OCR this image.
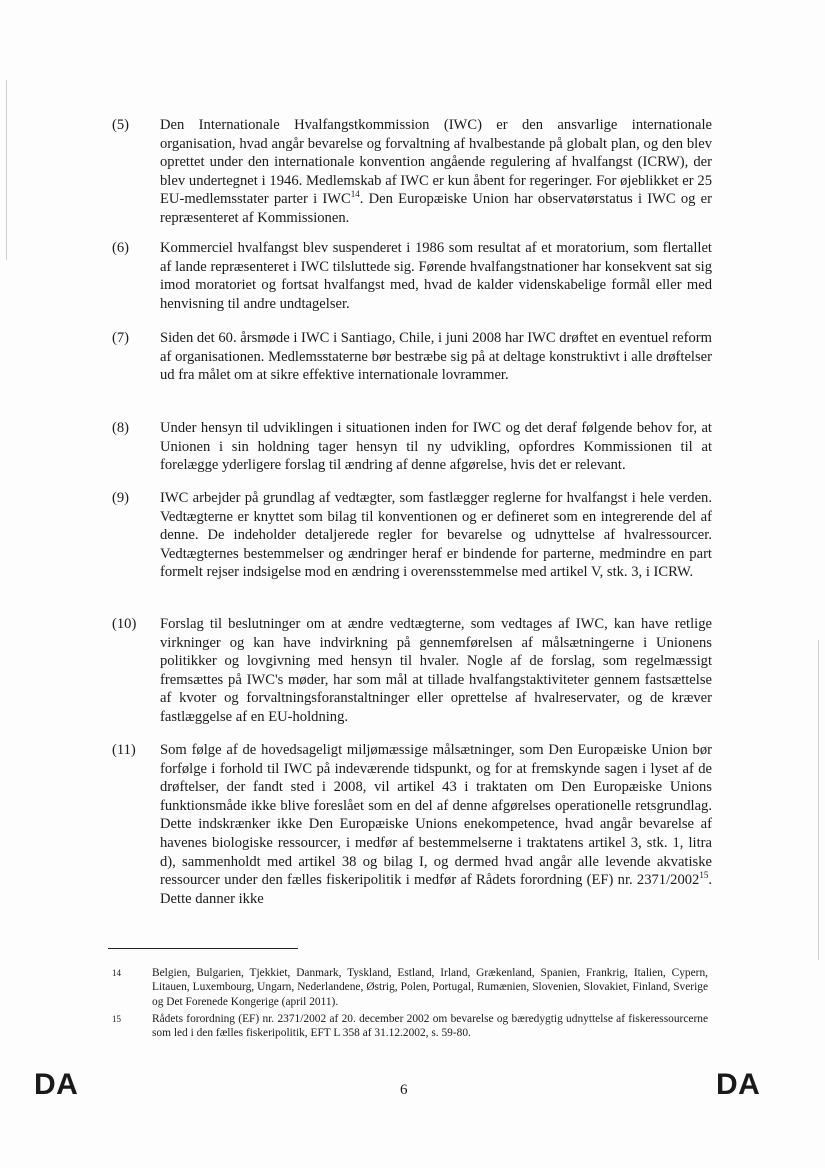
(5)	Den Internationale Hvalfangstkommission (IWC) er den ansvarlige internationale organisation, hvad angår bevarelse og forvaltning af hvalbestande på globalt plan, og den blev oprettet under den internationale konvention angående regulering af hvalfangst (ICRW), der blev undertegnet i 1946. Medlemskab af IWC er kun åbent for regeringer. For øjeblikket er 25 EU-medlemsstater parter i IWC$^{14}$. Den Europæiske Union har observatørstatus i IWC og er repræsenteret af Kommissionen.
(6)	Kommerciel hvalfangst blev suspenderet i 1986 som resultat af et moratorium, som flertallet af lande repræsenteret i IWC tilsluttede sig. Førende hvalfangstnationer har konsekvent sat sig imod moratoriet og fortsat hvalfangst med, hvad de kalder videnskabelige formål eller med henvisning til andre undtagelser.
(7)	Siden det 60. årsmøde i IWC i Santiago, Chile, i juni 2008 har IWC drøftet en eventuel reform af organisationen. Medlemsstaterne bør bestræbe sig på at deltage konstruktivt i alle drøftelser ud fra målet om at sikre effektive internationale lovrammer.
(8)	Under hensyn til udviklingen i situationen inden for IWC og det deraf følgende behov for, at Unionen i sin holdning tager hensyn til ny udvikling, opfordres Kommissionen til at forelægge yderligere forslag til ændring af denne afgørelse, hvis det er relevant.
(9)	IWC arbejder på grundlag af vedtægter, som fastlægger reglerne for hvalfangst i hele verden. Vedtægterne er knyttet som bilag til konventionen og er defineret som en integrerende del af denne. De indeholder detaljerede regler for bevarelse og udnyttelse af hvalressourcer. Vedtægternes bestemmelser og ændringer heraf er bindende for parterne, medmindre en part formelt rejser indsigelse mod en ændring i overensstemmelse med artikel V, stk. 3, i ICRW.
(10)	Forslag til beslutninger om at ændre vedtægterne, som vedtages af IWC, kan have retlige virkninger og kan have indvirkning på gennemførelsen af målsætningerne i Unionens politikker og lovgivning med hensyn til hvaler. Nogle af de forslag, som regelmæssigt fremsættes på IWC's møder, har som mål at tillade hvalfangstaktiviteter gennem fastsættelse af kvoter og forvaltningsforanstaltninger eller oprettelse af hvalreservater, og de kræver fastlæggelse af en EU-holdning.
(11)	Som følge af de hovedsageligt miljømæssige målsætninger, som Den Europæiske Union bør forfølge i forhold til IWC på indeværende tidspunkt, og for at fremskynde sagen i lyset af de drøftelser, der fandt sted i 2008, vil artikel 43 i traktaten om Den Europæiske Unions funktionsmåde ikke blive foreslået som en del af denne afgørelses operationelle retsgrundlag. Dette indskrænker ikke Den Europæiske Unions enekompetence, hvad angår bevarelse af havenes biologiske ressourcer, i medfør af bestemmelserne i traktatens artikel 3, stk. 1, litra d), sammenholdt med artikel 38 og bilag I, og dermed hvad angår alle levende akvatiske ressourcer under den fælles fiskeripolitik i medfør af Rådets forordning (EF) nr. 2371/2002$^{15}$. Dette danner ikke
14	Belgien, Bulgarien, Tjekkiet, Danmark, Tyskland, Estland, Irland, Grækenland, Spanien, Frankrig, Italien, Cypern, Litauen, Luxembourg, Ungarn, Nederlandene, Østrig, Polen, Portugal, Rumænien, Slovenien, Slovakiet, Finland, Sverige og Det Forenede Kongerige (april 2011).
15	Rådets forordning (EF) nr. 2371/2002 af 20. december 2002 om bevarelse og bæredygtig udnyttelse af fiskeressourcerne som led i den fælles fiskeripolitik, EFT L 358 af 31.12.2002, s. 59-80.
DA	6	DA
